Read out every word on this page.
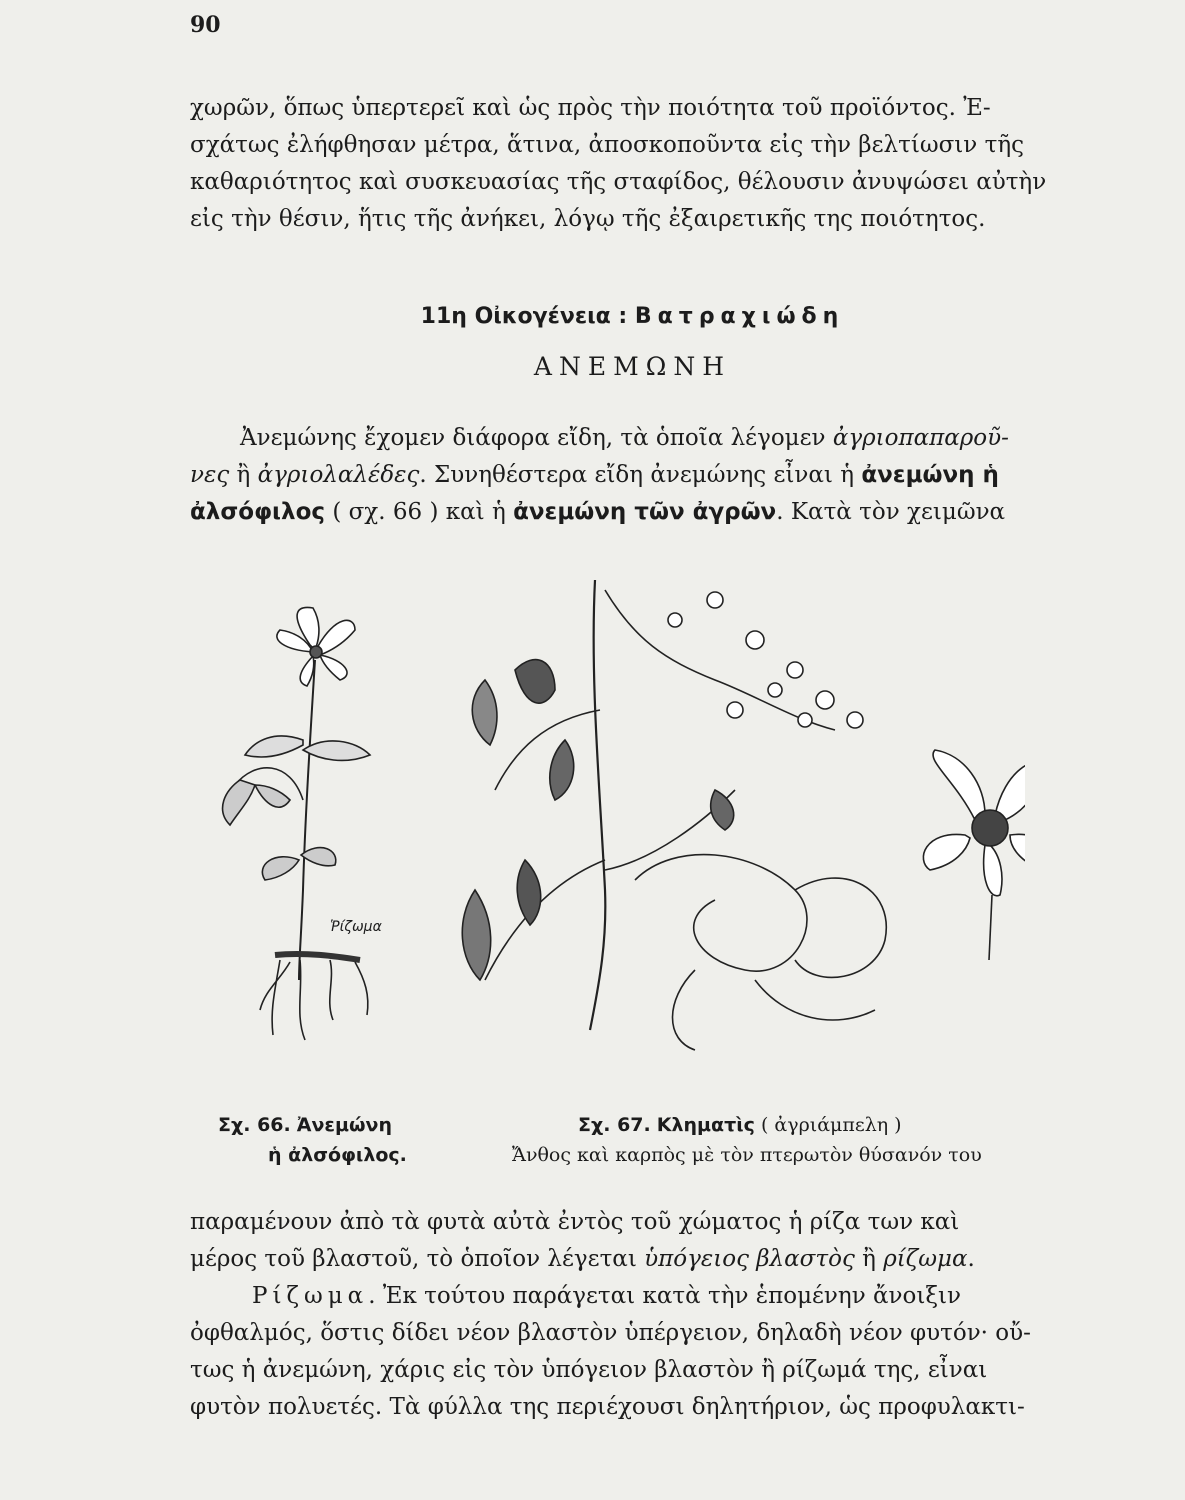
90

χωρῶν, ὅπως ὑπερτερεῖ καὶ ὡς πρὸς τὴν ποιότητα τοῦ προϊόντος. Ἐ-
σχάτως ἐλήφθησαν μέτρα, ἅτινα, ἀποσκοποῦντα εἰς τὴν βελτίωσιν τῆς
καθαριότητος καὶ συσκευασίας τῆς σταφίδος, θέλουσιν ἀνυψώσει αὐτὴν
εἰς τὴν θέσιν, ἥτις τῆς ἀνήκει, λόγῳ τῆς ἐξαιρετικῆς της ποιότητος.

11η Οἰκογένεια : Βατραχιώδη
ΑΝΕΜΩΝΗ

Ἀνεμώνης ἔχομεν διάφορα εἴδη, τὰ ὁποῖα λέγομεν ἀγριοπαπαροῦ-
νες ἢ ἀγριολαλέδες. Συνηθέστερα εἴδη ἀνεμώνης εἶναι ἡ ἀνεμώνη ἡ
ἀλσόφιλος ( σχ. 66 ) καὶ ἡ ἀνεμώνη τῶν ἀγρῶν. Κατὰ τὸν χειμῶνα

Ῥίζωμα
Σχ. 66. Ἀνεμώνη
ἡ ἀλσόφιλος.
Σχ. 67. Κληματὶς ( ἀγριάμπελη )
Ἄνθος καὶ καρπὸς μὲ τὸν πτερωτὸν θύσανόν του

παραμένουν ἀπὸ τὰ φυτὰ αὐτὰ ἐντὸς τοῦ χώματος ἡ ρίζα των καὶ
μέρος τοῦ βλαστοῦ, τὸ ὁποῖον λέγεται ὑπόγειος βλαστὸς ἢ ρίζωμα.
Ρίζωμα. Ἐκ τούτου παράγεται κατὰ τὴν ἑπομένην ἄνοιξιν
ὀφθαλμός, ὅστις δίδει νέον βλαστὸν ὑπέργειον, δηλαδὴ νέον φυτόν· οὔ-
τως ἡ ἀνεμώνη, χάρις εἰς τὸν ὑπόγειον βλαστὸν ἢ ρίζωμά της, εἶναι
φυτὸν πολυετές. Τὰ φύλλα της περιέχουσι δηλητήριον, ὡς προφυλακτι-
